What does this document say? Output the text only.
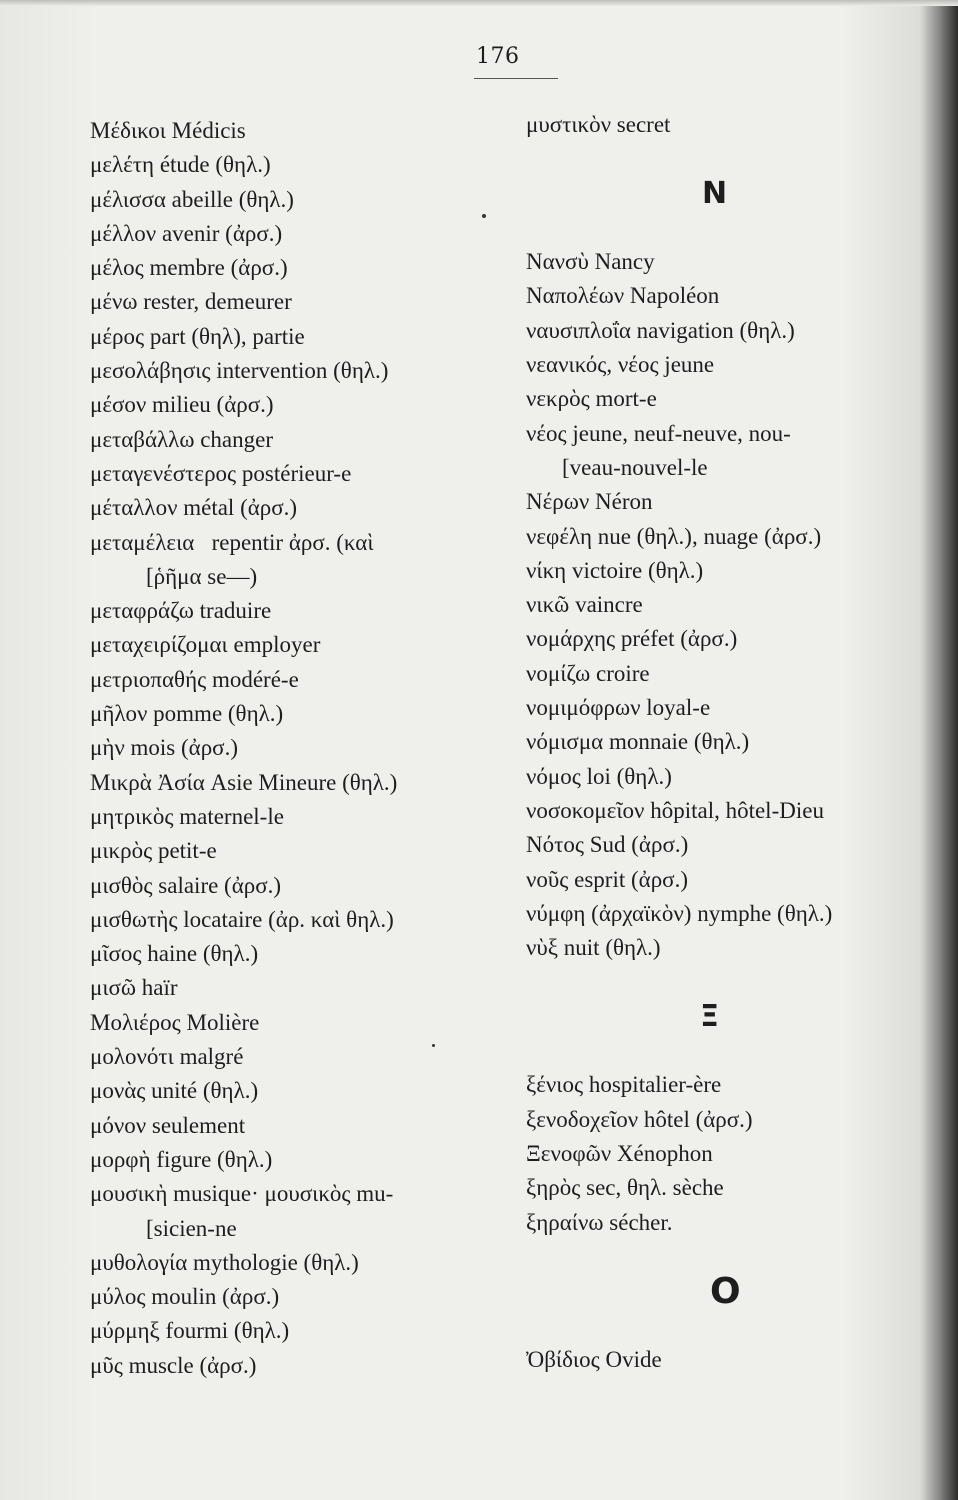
176

Μέδικοι Médicis
μελέτη étude (θηλ.)
μέλισσα abeille (θηλ.)
μέλλον avenir (ἀρσ.)
μέλος membre (ἀρσ.)
μένω rester, demeurer
μέρος part (θηλ), partie
μεσολάβησις intervention (θηλ.)
μέσον milieu (ἀρσ.)
μεταβάλλω changer
μεταγενέστερος postérieur-e
μέταλλον métal (ἀρσ.)
μεταμέλεια   repentir ἀρσ. (καὶ
[ῥῆμα se—)
μεταφράζω traduire
μεταχειρίζομαι employer
μετριοπαθής modéré-e
μῆλον pomme (θηλ.)
μὴν mois (ἀρσ.)
Μικρὰ Ἀσία Asie Mineure (θηλ.)
μητρικὸς maternel-le
μικρὸς petit-e
μισθὸς salaire (ἀρσ.)
μισθωτὴς locataire (ἀρ. καὶ θηλ.)
μῖσος haine (θηλ.)
μισῶ haïr
Μολιέρος Molière
μολονότι malgré
μονὰς unité (θηλ.)
μόνον seulement
μορφὴ figure (θηλ.)
μουσικὴ musique· μουσικὸς mu-
[sicien-ne
μυθολογία mythologie (θηλ.)
μύλος moulin (ἀρσ.)
μύρμηξ fourmi (θηλ.)
μῦς muscle (ἀρσ.)
μυστικὸν secret
N
Νανσὺ Nancy
Ναπολέων Napoléon
ναυσιπλοΐα navigation (θηλ.)
νεανικός, νέος jeune
νεκρὸς mort-e
νέος jeune, neuf-neuve, nou-
[veau-nouvel-le
Νέρων Néron
νεφέλη nue (θηλ.), nuage (ἀρσ.)
νίκη victoire (θηλ.)
νικῶ vaincre
νομάρχης préfet (ἀρσ.)
νομίζω croire
νομιμόφρων loyal-e
νόμισμα monnaie (θηλ.)
νόμος loi (θηλ.)
νοσοκομεῖον hôpital, hôtel-Dieu
Νότος Sud (ἀρσ.)
νοῦς esprit (ἀρσ.)
νύμφη (ἀρχαϊκὸν) nymphe (θηλ.)
νὺξ nuit (θηλ.)
Ξ
ξένιος hospitalier-ère
ξενοδοχεῖον hôtel (ἀρσ.)
Ξενοφῶν Xénophon
ξηρὸς sec, θηλ. sèche
ξηραίνω sécher.
O
Ὀβίδιος Ovide
